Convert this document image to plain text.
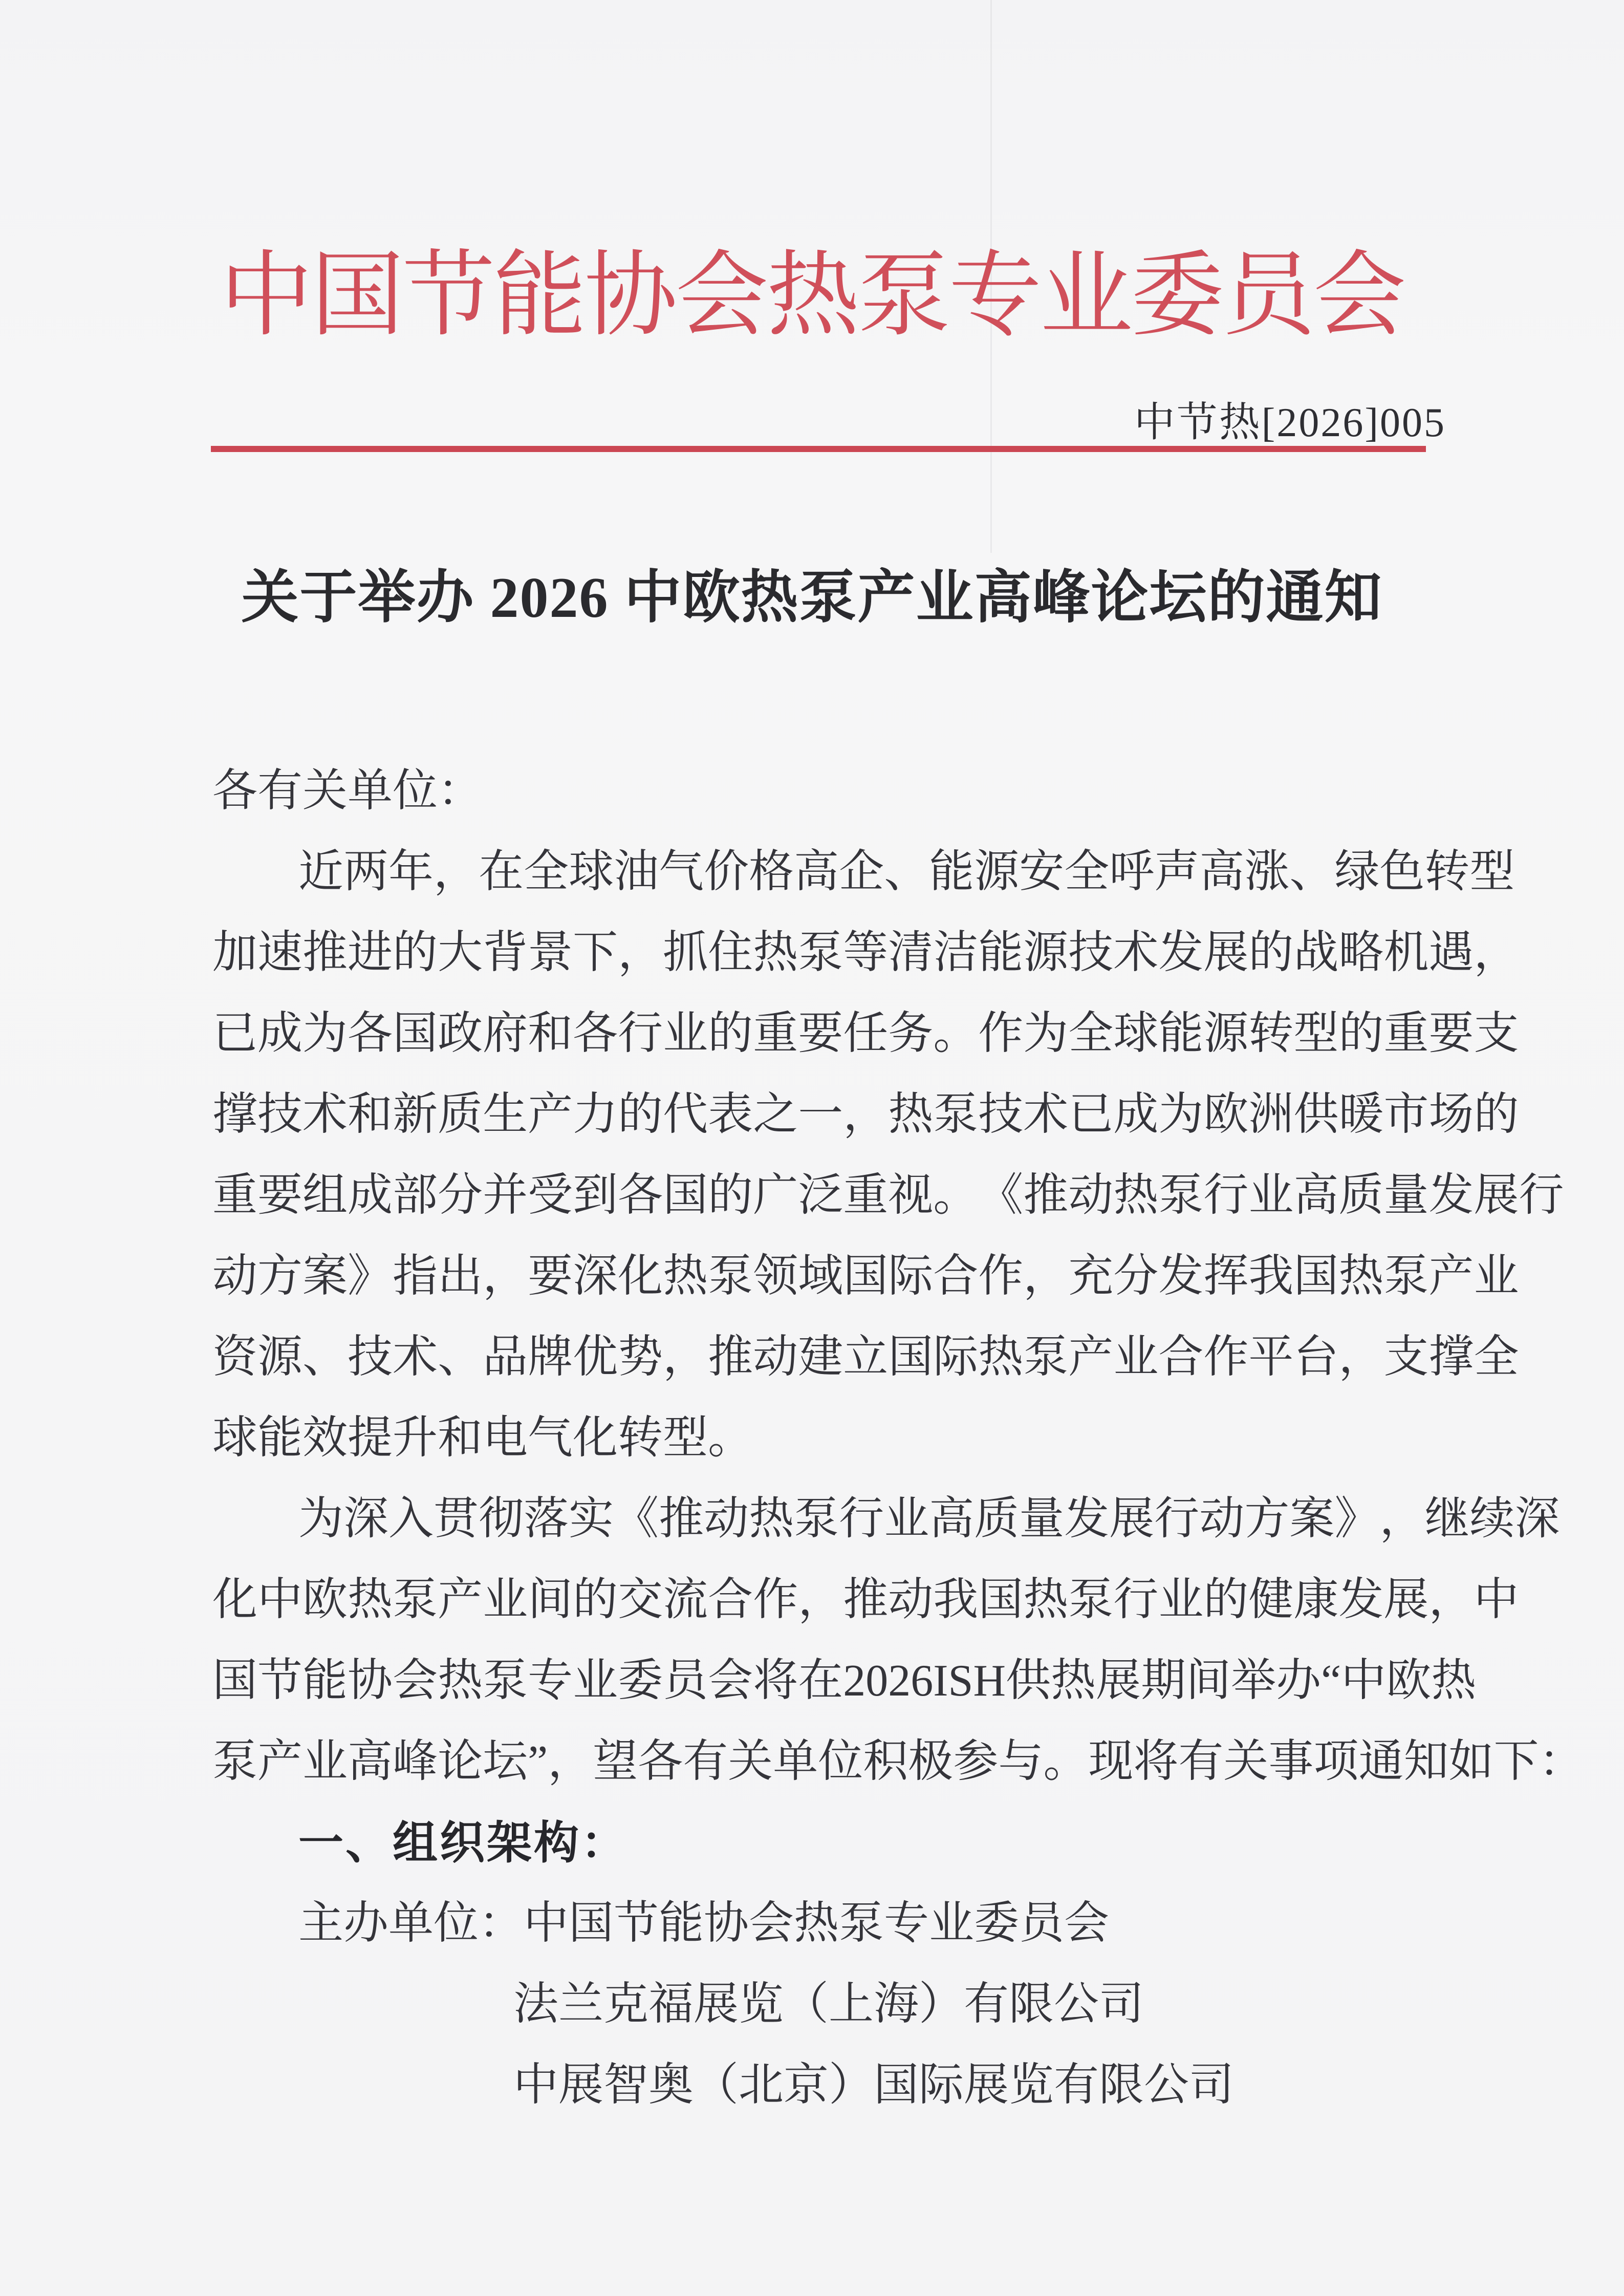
中国节能协会热泵专业委员会
中节热[2026]005
关于举办 2026 中欧热泵产业高峰论坛的通知
各有关单位：
近 两 年 ， 在 全 球 油 气 价 格 高 企 、 能 源 安 全 呼 声 高 涨 、 绿 色 转 型
加 速 推 进 的 大 背 景 下 ， 抓 住 热 泵 等 清 洁 能 源 技 术 发 展 的 战 略 机 遇 ，
已 成 为 各 国 政 府 和 各 行 业 的 重 要 任 务 。 作 为 全 球 能 源 转 型 的 重 要 支
撑 技 术 和 新 质 生 产 力 的 代 表 之 一 ， 热 泵 技 术 已 成 为 欧 洲 供 暖 市 场 的
重 要 组 成 部 分 并 受 到 各 国 的 广 泛 重 视 。 《 推 动 热 泵 行 业 高 质 量 发 展 行
动 方 案 》 指 出 ， 要 深 化 热 泵 领 域 国 际 合 作 ， 充 分 发 挥 我 国 热 泵 产 业
资 源 、 技 术 、 品 牌 优 势 ， 推 动 建 立 国 际 热 泵 产 业 合 作 平 台 ， 支 撑 全
球能效提升和电气化转型。
为 深 入 贯 彻 落 实 《 推 动 热 泵 行 业 高 质 量 发 展 行 动 方 案 》 ， 继 续 深
化 中 欧 热 泵 产 业 间 的 交 流 合 作 ， 推 动 我 国 热 泵 行 业 的 健 康 发 展 ， 中
国 节 能 协 会 热 泵 专 业 委 员 会 将 在 2026ISH 供 热 展 期 间 举 办 “ 中 欧 热
泵 产 业 高 峰 论 坛 ” ， 望 各 有 关 单 位 积 极 参 与 。 现 将 有 关 事 项 通 知 如 下 ：
一、组织架构：
主办单位：中国节能协会热泵专业委员会
法兰克福展览（上海）有限公司
中展智奥（北京）国际展览有限公司
